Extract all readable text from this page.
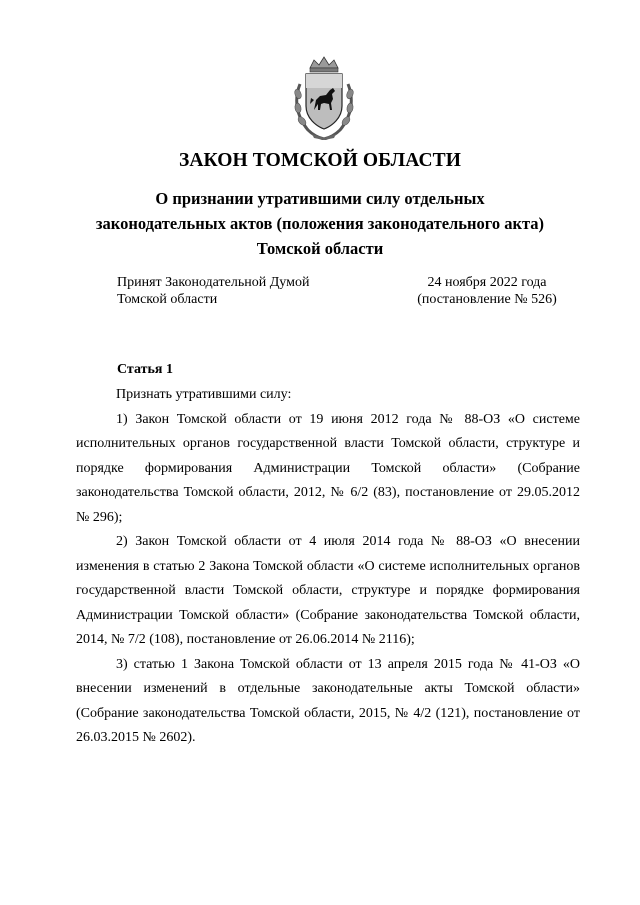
ЗАКОН ТОМСКОЙ ОБЛАСТИ
О признании утратившими силу отдельных
законодательных актов (положения законодательного акта)
Томской области
Принят Законодательной Думой
Томской области
24 ноября 2022 года
(постановление № 526)
Статья 1

Признать утратившими силу:

1) Закон Томской области от 19 июня 2012 года № 88-ОЗ «О системе исполнительных органов государственной власти Томской области, структуре и порядке формирования Администрации Томской области» (Собрание законодательства Томской области, 2012, № 6/2 (83), постановление от 29.05.2012 № 296);

2) Закон Томской области от 4 июля 2014 года № 88-ОЗ «О внесении изменения в статью 2 Закона Томской области «О системе исполнительных органов государственной власти Томской области, структуре и порядке формирования Администрации Томской области» (Собрание законодательства Томской области, 2014, № 7/2 (108), постановление от 26.06.2014 № 2116);

3) статью 1 Закона Томской области от 13 апреля 2015 года № 41-ОЗ «О внесении изменений в отдельные законодательные акты Томской области» (Собрание законодательства Томской области, 2015, № 4/2 (121), постановление от 26.03.2015 № 2602).
